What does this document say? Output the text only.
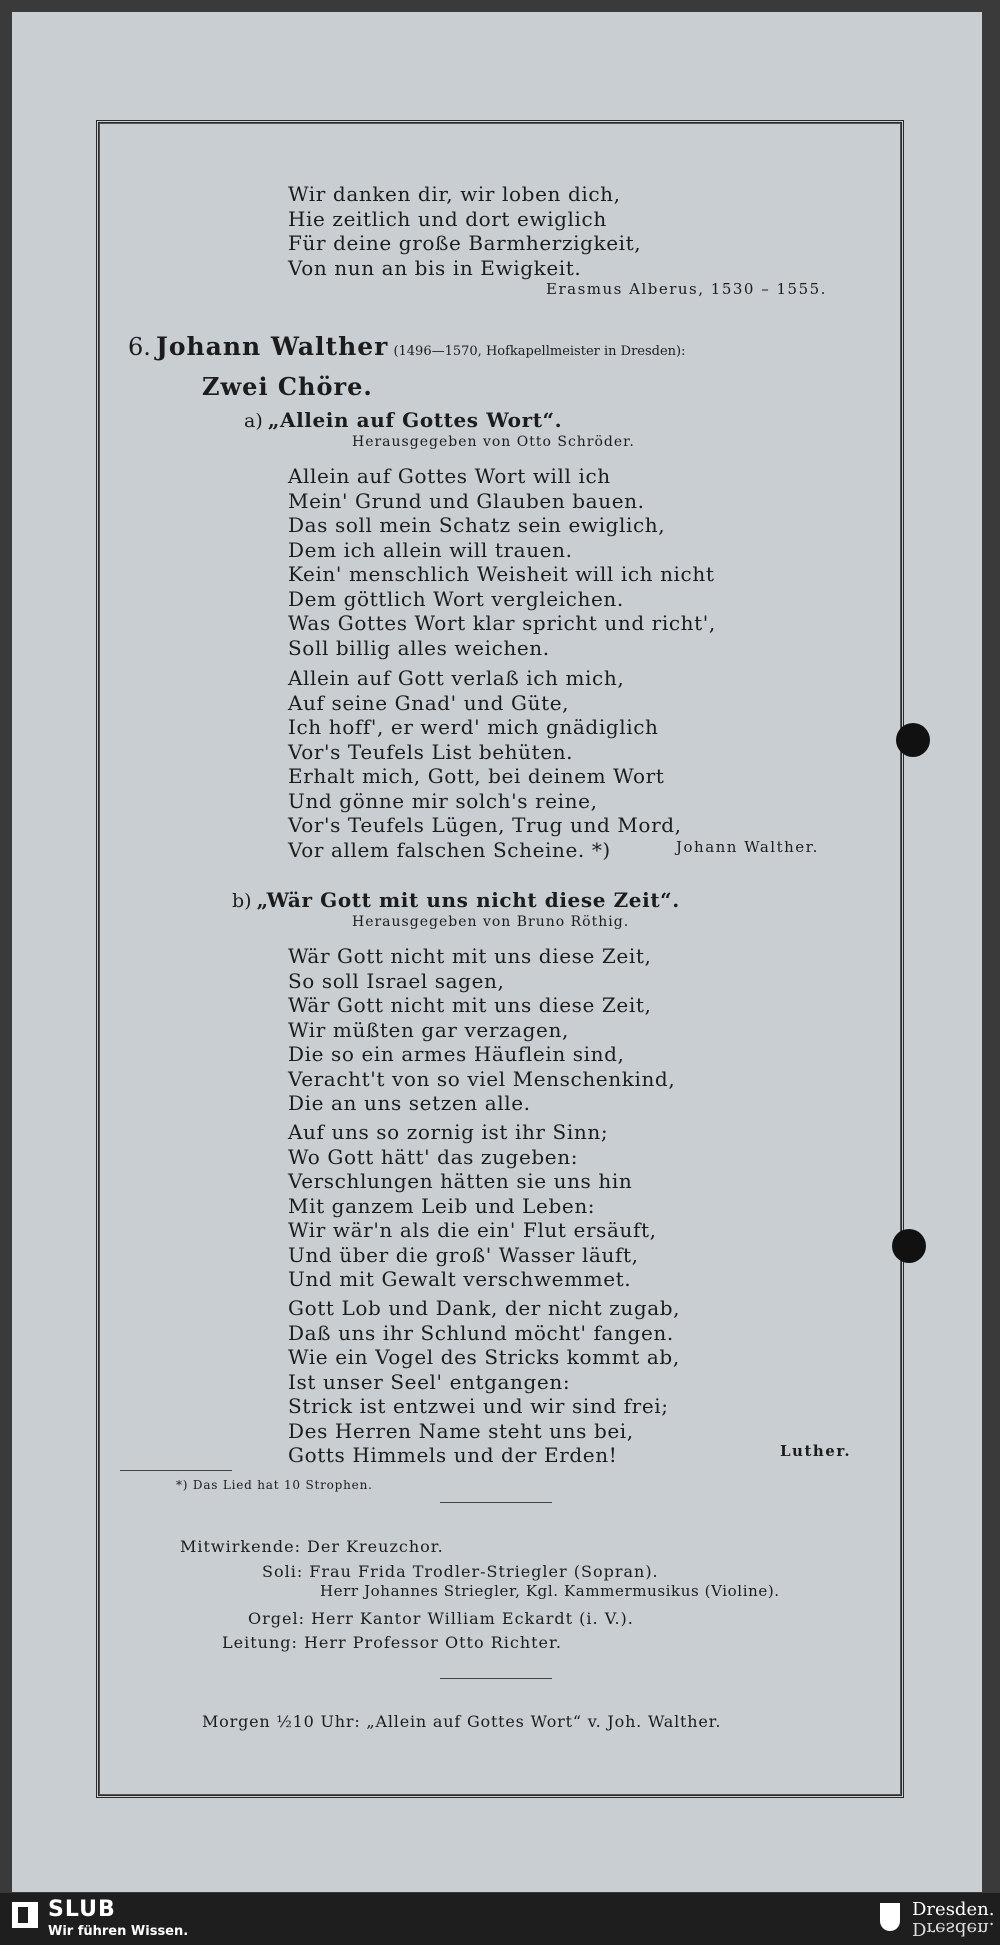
Wir danken dir, wir loben dich,
Hie zeitlich und dort ewiglich
Für deine große Barmherzigkeit,
Von nun an bis in Ewigkeit.
Erasmus Alberus, 1530 – 1555.
6. Johann Walther (1496—1570, Hofkapellmeister in Dresden):
Zwei Chöre.
a) „Allein auf Gottes Wort“.
Herausgegeben von Otto Schröder.
Allein auf Gottes Wort will ich
Mein' Grund und Glauben bauen.
Das soll mein Schatz sein ewiglich,
Dem ich allein will trauen.
Kein' menschlich Weisheit will ich nicht
Dem göttlich Wort vergleichen.
Was Gottes Wort klar spricht und richt',
Soll billig alles weichen.
Allein auf Gott verlaß ich mich,
Auf seine Gnad' und Güte,
Ich hoff', er werd' mich gnädiglich
Vor's Teufels List behüten.
Erhalt mich, Gott, bei deinem Wort
Und gönne mir solch's reine,
Vor's Teufels Lügen, Trug und Mord,
Vor allem falschen Scheine. *)	Johann Walther.
b) „Wär Gott mit uns nicht diese Zeit“.
Herausgegeben von Bruno Röthig.
Wär Gott nicht mit uns diese Zeit,
So soll Israel sagen,
Wär Gott nicht mit uns diese Zeit,
Wir müßten gar verzagen,
Die so ein armes Häuflein sind,
Veracht't von so viel Menschenkind,
Die an uns setzen alle.
Auf uns so zornig ist ihr Sinn;
Wo Gott hätt' das zugeben:
Verschlungen hätten sie uns hin
Mit ganzem Leib und Leben:
Wir wär'n als die ein' Flut ersäuft,
Und über die groß' Wasser läuft,
Und mit Gewalt verschwemmet.
Gott Lob und Dank, der nicht zugab,
Daß uns ihr Schlund möcht' fangen.
Wie ein Vogel des Stricks kommt ab,
Ist unser Seel' entgangen:
Strick ist entzwei und wir sind frei;
Des Herren Name steht uns bei,
Gotts Himmels und der Erden!	Luther.
*) Das Lied hat 10 Strophen.
Mitwirkende: Der Kreuzchor.
Soli: Frau Frida Trodler-Striegler (Sopran).
Herr Johannes Striegler, Kgl. Kammermusikus (Violine).
Orgel: Herr Kantor William Eckardt (i. V.).
Leitung: Herr Professor Otto Richter.
Morgen ½10 Uhr: „Allein auf Gottes Wort“ v. Joh. Walther.
SLUB
Wir führen Wissen.
Dresden.
Dresden.
